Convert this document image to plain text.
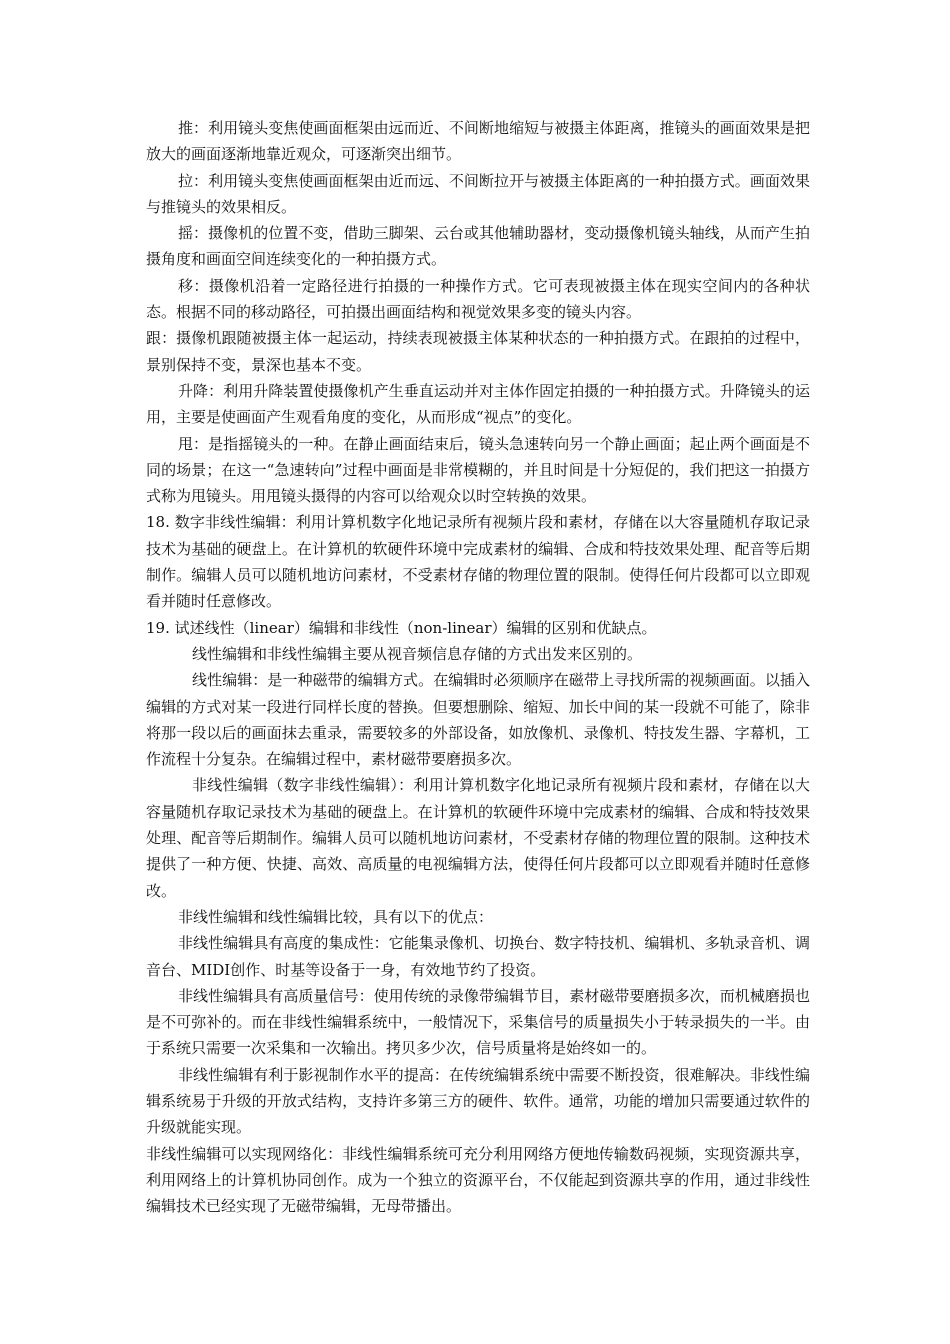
推：利用镜头变焦使画面框架由远而近、不间断地缩短与被摄主体距离，推镜头的画面效果是把放大的画面逐渐地靠近观众，可逐渐突出细节。

拉：利用镜头变焦使画面框架由近而远、不间断拉开与被摄主体距离的一种拍摄方式。画面效果与推镜头的效果相反。

摇：摄像机的位置不变，借助三脚架、云台或其他辅助器材，变动摄像机镜头轴线，从而产生拍摄角度和画面空间连续变化的一种拍摄方式。

移：摄像机沿着一定路径进行拍摄的一种操作方式。它可表现被摄主体在现实空间内的各种状态。根据不同的移动路径，可拍摄出画面结构和视觉效果多变的镜头内容。

跟：摄像机跟随被摄主体一起运动，持续表现被摄主体某种状态的一种拍摄方式。在跟拍的过程中，景别保持不变，景深也基本不变。

升降：利用升降装置使摄像机产生垂直运动并对主体作固定拍摄的一种拍摄方式。升降镜头的运用，主要是使画面产生观看角度的变化，从而形成“视点”的变化。

甩：是指摇镜头的一种。在静止画面结束后，镜头急速转向另一个静止画面；起止两个画面是不同的场景；在这一“急速转向”过程中画面是非常模糊的，并且时间是十分短促的，我们把这一拍摄方式称为甩镜头。用甩镜头摄得的内容可以给观众以时空转换的效果。

18. 数字非线性编辑：利用计算机数字化地记录所有视频片段和素材，存储在以大容量随机存取记录技术为基础的硬盘上。在计算机的软硬件环境中完成素材的编辑、合成和特技效果处理、配音等后期制作。编辑人员可以随机地访问素材，不受素材存储的物理位置的限制。使得任何片段都可以立即观看并随时任意修改。

19. 试述线性（linear）编辑和非线性（non-linear）编辑的区别和优缺点。

线性编辑和非线性编辑主要从视音频信息存储的方式出发来区别的。

线性编辑：是一种磁带的编辑方式。在编辑时必须顺序在磁带上寻找所需的视频画面。以插入编辑的方式对某一段进行同样长度的替换。但要想删除、缩短、加长中间的某一段就不可能了，除非将那一段以后的画面抹去重录，需要较多的外部设备，如放像机、录像机、特技发生器、字幕机，工作流程十分复杂。在编辑过程中，素材磁带要磨损多次。

非线性编辑（数字非线性编辑）：利用计算机数字化地记录所有视频片段和素材，存储在以大容量随机存取记录技术为基础的硬盘上。在计算机的软硬件环境中完成素材的编辑、合成和特技效果处理、配音等后期制作。编辑人员可以随机地访问素材，不受素材存储的物理位置的限制。这种技术提供了一种方便、快捷、高效、高质量的电视编辑方法，使得任何片段都可以立即观看并随时任意修改。

非线性编辑和线性编辑比较，具有以下的优点：

非线性编辑具有高度的集成性：它能集录像机、切换台、数字特技机、编辑机、多轨录音机、调音台、MIDI创作、时基等设备于一身，有效地节约了投资。

非线性编辑具有高质量信号：使用传统的录像带编辑节目，素材磁带要磨损多次，而机械磨损也是不可弥补的。而在非线性编辑系统中，一般情况下，采集信号的质量损失小于转录损失的一半。由于系统只需要一次采集和一次输出。拷贝多少次，信号质量将是始终如一的。

非线性编辑有利于影视制作水平的提高：在传统编辑系统中需要不断投资，很难解决。非线性编辑系统易于升级的开放式结构，支持许多第三方的硬件、软件。通常，功能的增加只需要通过软件的升级就能实现。

非线性编辑可以实现网络化：非线性编辑系统可充分利用网络方便地传输数码视频，实现资源共享，利用网络上的计算机协同创作。成为一个独立的资源平台，不仅能起到资源共享的作用，通过非线性编辑技术已经实现了无磁带编辑，无母带播出。
